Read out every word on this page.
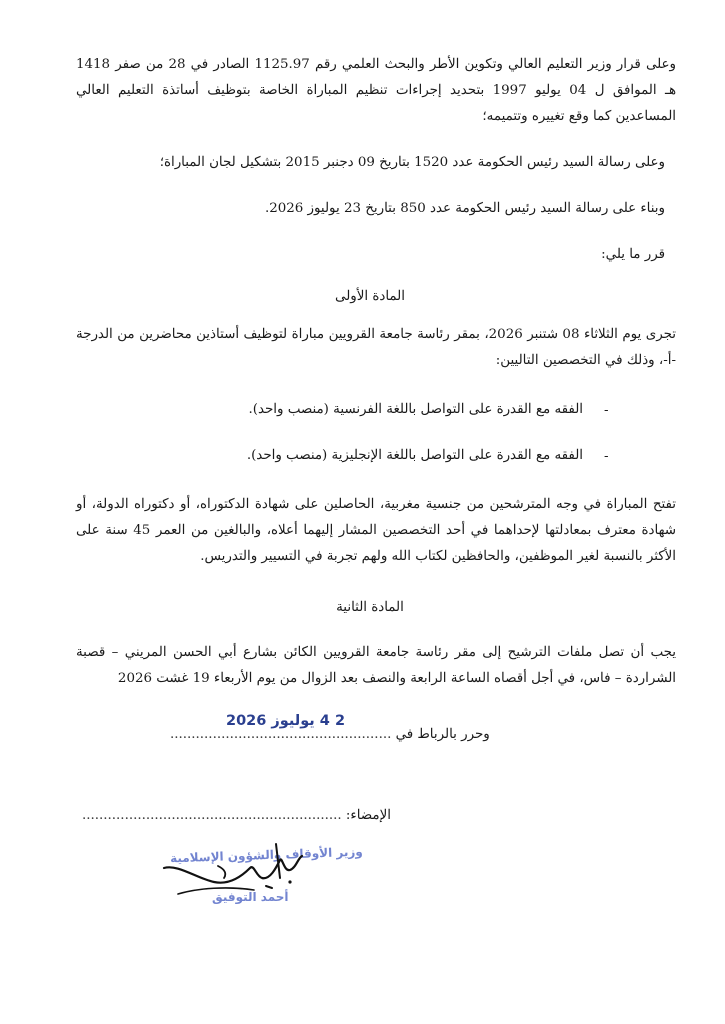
وعلى قرار وزير التعليم العالي وتكوين الأطر والبحث العلمي رقم 1125.97 الصادر في 28 من صفر 1418 هـ الموافق ل 04 يوليو 1997 بتحديد إجراءات تنظيم المباراة الخاصة بتوظيف أساتذة التعليم العالي المساعدين كما وقع تغييره وتتميمه؛

وعلى رسالة السيد رئيس الحكومة عدد 1520 بتاريخ 09 دجنبر 2015 بتشكيل لجان المباراة؛

وبناء على رسالة السيد رئيس الحكومة عدد 850 بتاريخ 23 يوليوز 2026.

قرر ما يلي:

المادة الأولى

تجرى يوم الثلاثاء 08 شتنبر 2026، بمقر رئاسة جامعة القرويين مباراة لتوظيف أستاذين محاضرين من الدرجة -أ-، وذلك في التخصصين التاليين:

-

الفقه مع القدرة على التواصل باللغة الفرنسية (منصب واحد).

-

الفقه مع القدرة على التواصل باللغة الإنجليزية (منصب واحد).

تفتح المباراة في وجه المترشحين من جنسية مغربية، الحاصلين على شهادة الدكتوراه، أو دكتوراه الدولة، أو شهادة معترف بمعادلتها لإحداهما في أحد التخصصين المشار إليهما أعلاه، والبالغين من العمر 45 سنة على الأكثر بالنسبة لغير الموظفين، والحافظين لكتاب الله ولهم تجربة في التسيير والتدريس.

المادة الثانية

يجب أن تصل ملفات الترشيح إلى مقر رئاسة جامعة القرويين الكائن بشارع أبي الحسن المريني – قصبة الشراردة – فاس، في أجل أقصاه الساعة الرابعة والنصف بعد الزوال من يوم الأربعاء 19 غشت 2026

وحرر بالرباط في ....................................................
2 4 يوليوز 2026
الإمضاء: .............................................................
وزير الأوقاف والشؤون الإسلامية
أحمد التوفيق
